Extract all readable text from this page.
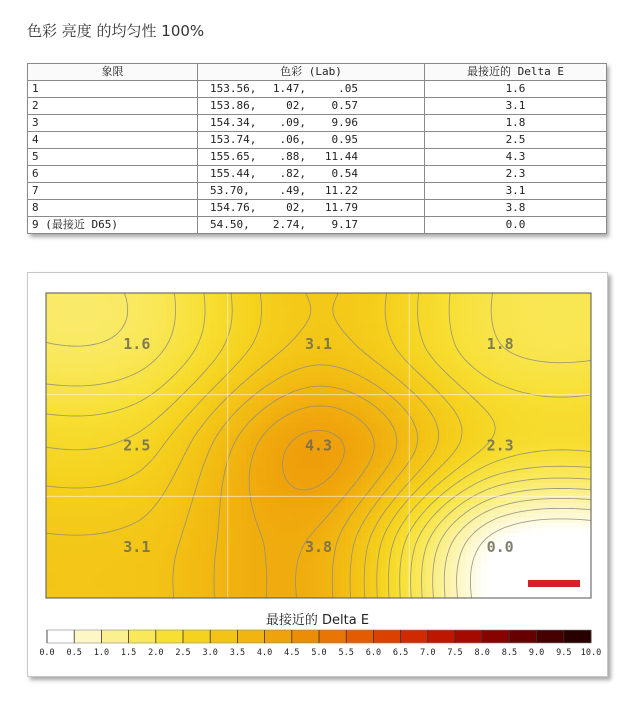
色彩 亮度 的均匀性 100%
象限	色彩 (Lab)	最接近的 Delta E
1	153.56, 1.47, .05	1.6
2	153.86, 02, 0.57	3.1
3	154.34, .09, 9.96	1.8
4	153.74, .06, 0.95	2.5
5	155.65, .88, 11.44	4.3
6	155.44, .82, 0.54	2.3
7	53.70, .49, 11.22	3.1
8	154.76, 02, 11.79	3.8
9 (最接近 D65)	54.50, 2.74, 9.17	0.0
1.6	3.1	1.8
2.5	4.3	2.3
3.1	3.8	0.0
最接近的 Delta E
0.0 0.5 1.0 1.5 2.0 2.5 3.0 3.5 4.0 4.5 5.0 5.5 6.0 6.5 7.0 7.5 8.0 8.5 9.0 9.5 10.0
